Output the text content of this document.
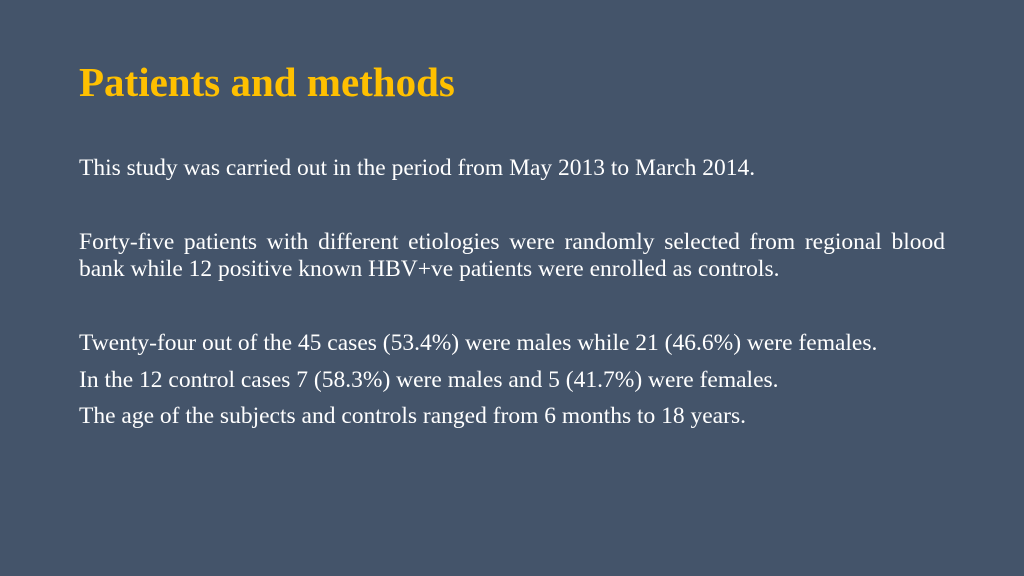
Patients and methods

This study was carried out in the period from May 2013 to March 2014.

Forty-five patients with different etiologies were randomly selected from regional blood bank while 12 positive known HBV+ve patients were enrolled as controls.

Twenty-four out of the 45 cases (53.4%) were males while 21 (46.6%) were females.

In the 12 control cases 7 (58.3%) were males and 5 (41.7%) were females.

The age of the subjects and controls ranged from 6 months to 18 years.
